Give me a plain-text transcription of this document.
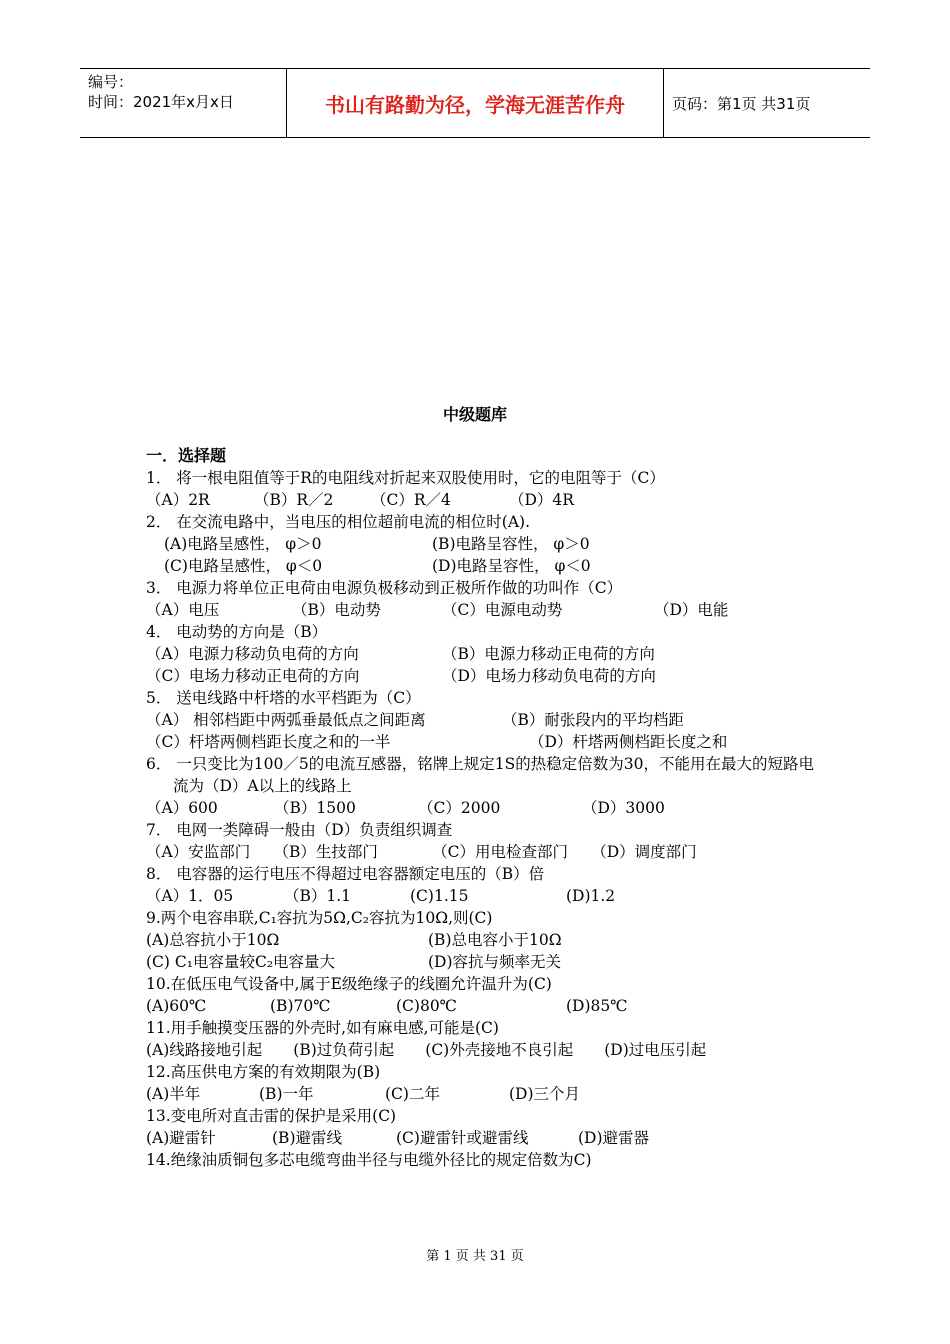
编号：
时间：2021年x月x日	书山有路勤为径，学海无涯苦作舟	页码：第1页 共31页
中级题库
一．选择题
1． 将一根电阻值等于R的电阻线对折起来双股使用时，它的电阻等于（C）
（A）2R	（B）R／2	（C）R／4	（D）4R
2． 在交流电路中，当电压的相位超前电流的相位时(A).
(A)电路呈感性， φ＞0	(B)电路呈容性， φ＞0
(C)电路呈感性， φ＜0	(D)电路呈容性， φ＜0
3． 电源力将单位正电荷由电源负极移动到正极所作做的功叫作（C）
（A）电压	（B）电动势	（C）电源电动势	（D）电能
4． 电动势的方向是（B）
（A）电源力移动负电荷的方向	（B）电源力移动正电荷的方向
（C）电场力移动正电荷的方向	（D）电场力移动负电荷的方向
5． 送电线路中杆塔的水平档距为（C）
（A） 相邻档距中两弧垂最低点之间距离	（B）耐张段内的平均档距
（C）杆塔两侧档距长度之和的一半	（D）杆塔两侧档距长度之和
6． 一只变比为100／5的电流互感器，铭牌上规定1S的热稳定倍数为30，不能用在最大的短路电流为（D）A以上的线路上
（A）600	（B）1500	（C）2000	（D）3000
7． 电网一类障碍一般由（D）负责组织调查
（A）安监部门　　（B）生技部门　　　　（C）用电检查部门　　（D）调度部门
8． 电容器的运行电压不得超过电容器额定电压的（B）倍
（A）1．05	（B）1.1	(C)1.15	(D)1.2
9.两个电容串联,C₁容抗为5Ω,C₂容抗为10Ω,则(C)
(A)总容抗小于10Ω	(B)总电容小于10Ω
(C) C₁电容量较C₂电容量大	(D)容抗与频率无关
10.在低压电气设备中,属于E级绝缘子的线圈允许温升为(C)
(A)60℃	(B)70℃	(C)80℃	(D)85℃
11.用手触摸变压器的外壳时,如有麻电感,可能是(C)
(A)线路接地引起　　(B)过负荷引起　　(C)外壳接地不良引起　　(D)过电压引起
12.高压供电方案的有效期限为(B)
(A)半年	(B)一年	(C)二年	(D)三个月
13.变电所对直击雷的保护是采用(C)
(A)避雷针	(B)避雷线	(C)避雷针或避雷线	(D)避雷器
14.绝缘油质铜包多芯电缆弯曲半径与电缆外径比的规定倍数为C)
第 1 页 共 31 页
